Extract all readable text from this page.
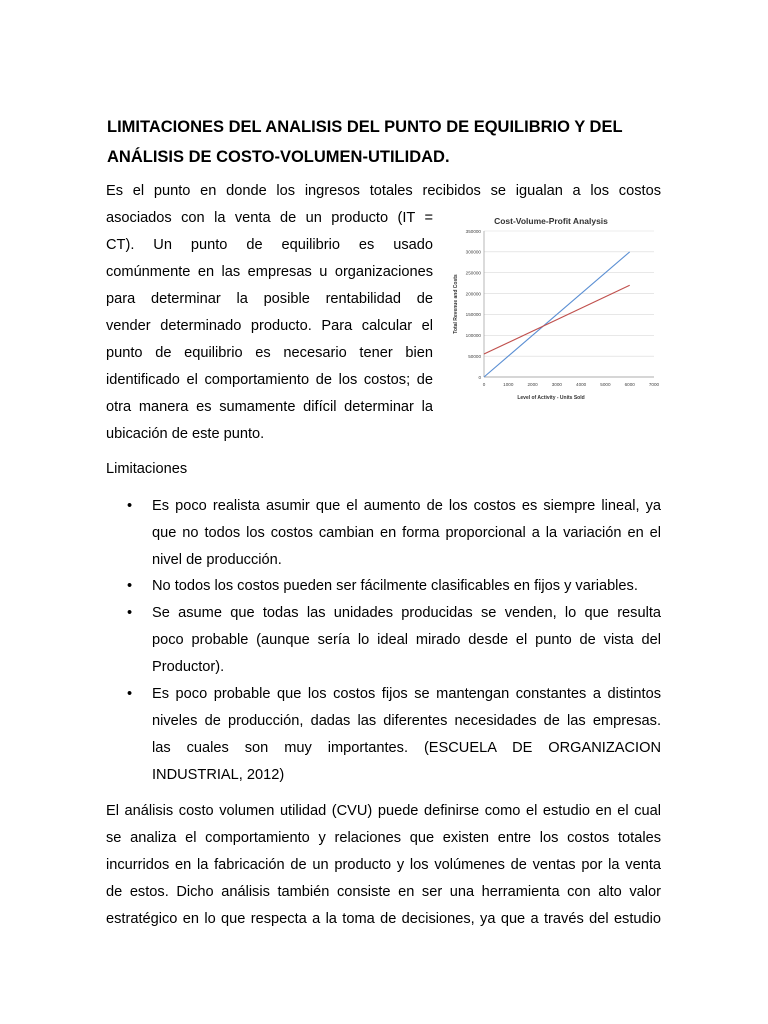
LIMITACIONES DEL ANALISIS DEL PUNTO DE EQUILIBRIO Y DEL
ANÁLISIS DE COSTO-VOLUMEN-UTILIDAD.
Es el punto en donde los ingresos totales recibidos se igualan a los costos
asociados con la venta de un producto (IT =
CT). Un punto de equilibrio es usado
comúnmente en las empresas u organizaciones
para determinar la posible rentabilidad de
vender determinado producto. Para calcular el
punto de equilibrio es necesario tener bien
identificado el comportamiento de los costos; de
otra manera es sumamente difícil determinar la
ubicación de este punto.
Cost-Volume-Profit Analysis
Level of Activity - Units Sold
Total Revenue and Costs
0
50000
100000
150000
200000
250000
300000
350000
0	1000	2000	3000	4000	5000	6000	7000
Limitaciones
•	Es poco realista asumir que el aumento de los costos es siempre lineal, ya
que no todos los costos cambian en forma proporcional a la variación en el
nivel de producción.
•	No todos los costos pueden ser fácilmente clasificables en fijos y variables.
•	Se asume que todas las unidades producidas se venden, lo que resulta
poco probable (aunque sería lo ideal mirado desde el punto de vista del
Productor).
•	Es poco probable que los costos fijos se mantengan constantes a distintos
niveles de producción, dadas las diferentes necesidades de las empresas.
las cuales son muy importantes. (ESCUELA DE ORGANIZACION
INDUSTRIAL, 2012)
El análisis costo volumen utilidad (CVU) puede definirse como el estudio en el cual
se analiza el comportamiento y relaciones que existen entre los costos totales
incurridos en la fabricación de un producto y los volúmenes de ventas por la venta
de estos. Dicho análisis también consiste en ser una herramienta con alto valor
estratégico en lo que respecta a la toma de decisiones, ya que a través del estudio
